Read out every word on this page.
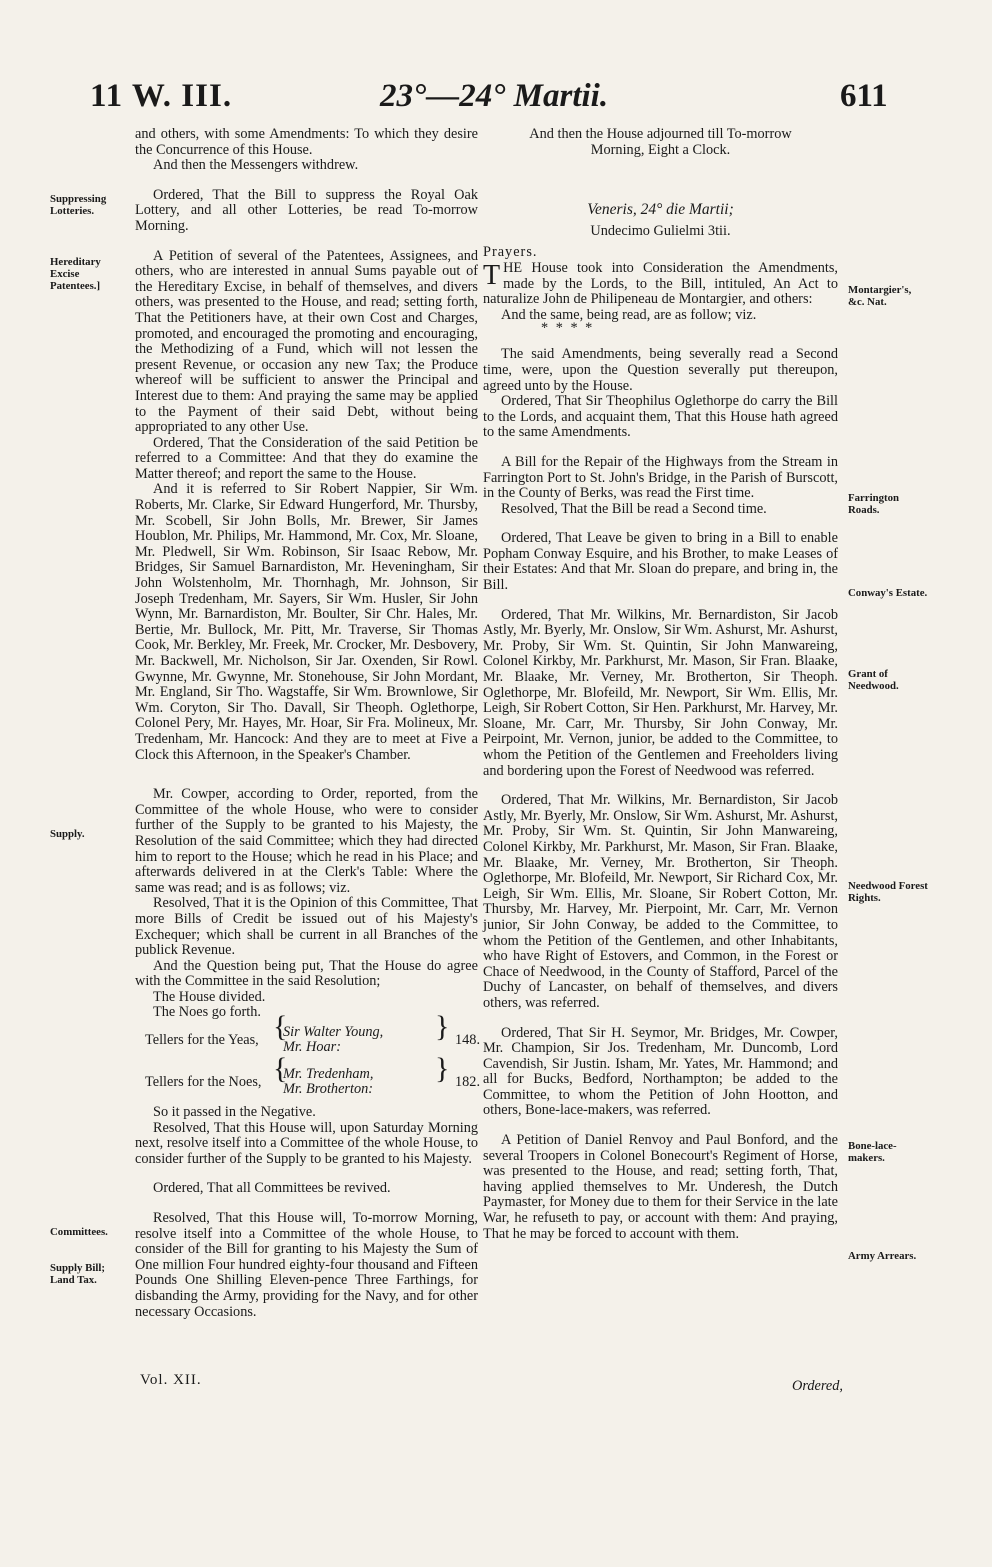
11 W. III.	23°—24° Martii.	611
Suppressing Lotteries.
Hereditary Excise Patentees.]
Supply.
Committees.
Supply Bill; Land Tax.
Montargier's, &c. Nat.
Farrington Roads.
Conway's Estate.
Grant of Needwood.
Needwood Forest Rights.
Bone-lace-makers.
Army Arrears.

and others, with some Amendments: To which they desire the Concurrence of this House.

And then the Messengers withdrew.

Ordered, That the Bill to suppress the Royal Oak Lottery, and all other Lotteries, be read To-morrow Morning.

A Petition of several of the Patentees, Assignees, and others, who are interested in annual Sums payable out of the Hereditary Excise, in behalf of themselves, and divers others, was presented to the House, and read; setting forth, That the Petitioners have, at their own Cost and Charges, promoted, and encouraged the promoting and encouraging, the Methodizing of a Fund, which will not lessen the present Revenue, or occasion any new Tax; the Produce whereof will be sufficient to answer the Principal and Interest due to them: And praying the same may be applied to the Payment of their said Debt, without being appropriated to any other Use.

Ordered, That the Consideration of the said Petition be referred to a Committee: And that they do examine the Matter thereof; and report the same to the House.

And it is referred to Sir Robert Nappier, Sir Wm. Roberts, Mr. Clarke, Sir Edward Hungerford, Mr. Thursby, Mr. Scobell, Sir John Bolls, Mr. Brewer, Sir James Houblon, Mr. Philips, Mr. Hammond, Mr. Cox, Mr. Sloane, Mr. Pledwell, Sir Wm. Robinson, Sir Isaac Rebow, Mr. Bridges, Sir Samuel Barnardiston, Mr. Heveningham, Sir John Wolstenholm, Mr. Thornhagh, Mr. Johnson, Sir Joseph Tredenham, Mr. Sayers, Sir Wm. Husler, Sir John Wynn, Mr. Barnardiston, Mr. Boulter, Sir Chr. Hales, Mr. Bertie, Mr. Bullock, Mr. Pitt, Mr. Traverse, Sir Thomas Cook, Mr. Berkley, Mr. Freek, Mr. Crocker, Mr. Desbovery, Mr. Backwell, Mr. Nicholson, Sir Jar. Oxenden, Sir Rowl. Gwynne, Mr. Gwynne, Mr. Stonehouse, Sir John Mordant, Mr. England, Sir Tho. Wagstaffe, Sir Wm. Brownlowe, Sir Wm. Coryton, Sir Tho. Davall, Sir Theoph. Oglethorpe, Colonel Pery, Mr. Hayes, Mr. Hoar, Sir Fra. Molineux, Mr. Tredenham, Mr. Hancock: And they are to meet at Five a Clock this Afternoon, in the Speaker's Chamber.

Mr. Cowper, according to Order, reported, from the Committee of the whole House, who were to consider further of the Supply to be granted to his Majesty, the Resolution of the said Committee; which they had directed him to report to the House; which he read in his Place; and afterwards delivered in at the Clerk's Table: Where the same was read; and is as follows; viz.

Resolved, That it is the Opinion of this Committee, That more Bills of Credit be issued out of his Majesty's Exchequer; which shall be current in all Branches of the publick Revenue.

And the Question being put, That the House do agree with the Committee in the said Resolution;

The House divided.

The Noes go forth.

Tellers for the Yeas, {
Sir Walter Young,
Mr. Hoar:
} 148.
Tellers for the Noes, {
Mr. Tredenham,
Mr. Brotherton:
} 182.

So it passed in the Negative.

Resolved, That this House will, upon Saturday Morning next, resolve itself into a Committee of the whole House, to consider further of the Supply to be granted to his Majesty.

Ordered, That all Committees be revived.

Resolved, That this House will, To-morrow Morning, resolve itself into a Committee of the whole House, to consider of the Bill for granting to his Majesty the Sum of One million Four hundred eighty-four thousand and Fifteen Pounds One Shilling Eleven-pence Three Farthings, for disbanding the Army, providing for the Navy, and for other necessary Occasions.

And then the House adjourned till To-morrow Morning, Eight a Clock.

Veneris, 24° die Martii;

Undecimo Gulielmi 3tii.

Prayers.

THE House took into Consideration the Amendments, made by the Lords, to the Bill, intituled, An Act to naturalize John de Philipeneau de Montargier, and others:

And the same, being read, are as follow; viz.

* * * *

The said Amendments, being severally read a Second time, were, upon the Question severally put thereupon, agreed unto by the House.

Ordered, That Sir Theophilus Oglethorpe do carry the Bill to the Lords, and acquaint them, That this House hath agreed to the same Amendments.

A Bill for the Repair of the Highways from the Stream in Farrington Port to St. John's Bridge, in the Parish of Burscott, in the County of Berks, was read the First time.

Resolved, That the Bill be read a Second time.

Ordered, That Leave be given to bring in a Bill to enable Popham Conway Esquire, and his Brother, to make Leases of their Estates: And that Mr. Sloan do prepare, and bring in, the Bill.

Ordered, That Mr. Wilkins, Mr. Bernardiston, Sir Jacob Astly, Mr. Byerly, Mr. Onslow, Sir Wm. Ashurst, Mr. Ashurst, Mr. Proby, Sir Wm. St. Quintin, Sir John Manwareing, Colonel Kirkby, Mr. Parkhurst, Mr. Mason, Sir Fran. Blaake, Mr. Blaake, Mr. Verney, Mr. Brotherton, Sir Theoph. Oglethorpe, Mr. Blofeild, Mr. Newport, Sir Wm. Ellis, Mr. Leigh, Sir Robert Cotton, Sir Hen. Parkhurst, Mr. Harvey, Mr. Sloane, Mr. Carr, Mr. Thursby, Sir John Conway, Mr. Peirpoint, Mr. Vernon, junior, be added to the Committee, to whom the Petition of the Gentlemen and Freeholders living and bordering upon the Forest of Needwood was referred.

Ordered, That Mr. Wilkins, Mr. Bernardiston, Sir Jacob Astly, Mr. Byerly, Mr. Onslow, Sir Wm. Ashurst, Mr. Ashurst, Mr. Proby, Sir Wm. St. Quintin, Sir John Manwareing, Colonel Kirkby, Mr. Parkhurst, Mr. Mason, Sir Fran. Blaake, Mr. Blaake, Mr. Verney, Mr. Brotherton, Sir Theoph. Oglethorpe, Mr. Blofeild, Mr. Newport, Sir Richard Cox, Mr. Leigh, Sir Wm. Ellis, Mr. Sloane, Sir Robert Cotton, Mr. Thursby, Mr. Harvey, Mr. Pierpoint, Mr. Carr, Mr. Vernon junior, Sir John Conway, be added to the Committee, to whom the Petition of the Gentlemen, and other Inhabitants, who have Right of Estovers, and Common, in the Forest or Chace of Needwood, in the County of Stafford, Parcel of the Duchy of Lancaster, on behalf of themselves, and divers others, was referred.

Ordered, That Sir H. Seymor, Mr. Bridges, Mr. Cowper, Mr. Champion, Sir Jos. Tredenham, Mr. Duncomb, Lord Cavendish, Sir Justin. Isham, Mr. Yates, Mr. Hammond; and all for Bucks, Bedford, Northampton; be added to the Committee, to whom the Petition of John Hootton, and others, Bone-lace-makers, was referred.

A Petition of Daniel Renvoy and Paul Bonford, and the several Troopers in Colonel Bonecourt's Regiment of Horse, was presented to the House, and read; setting forth, That, having applied themselves to Mr. Underesh, the Dutch Paymaster, for Money due to them for their Service in the late War, he refuseth to pay, or account with them: And praying, That he may be forced to account with them.

Vol. XII.	Ordered,
